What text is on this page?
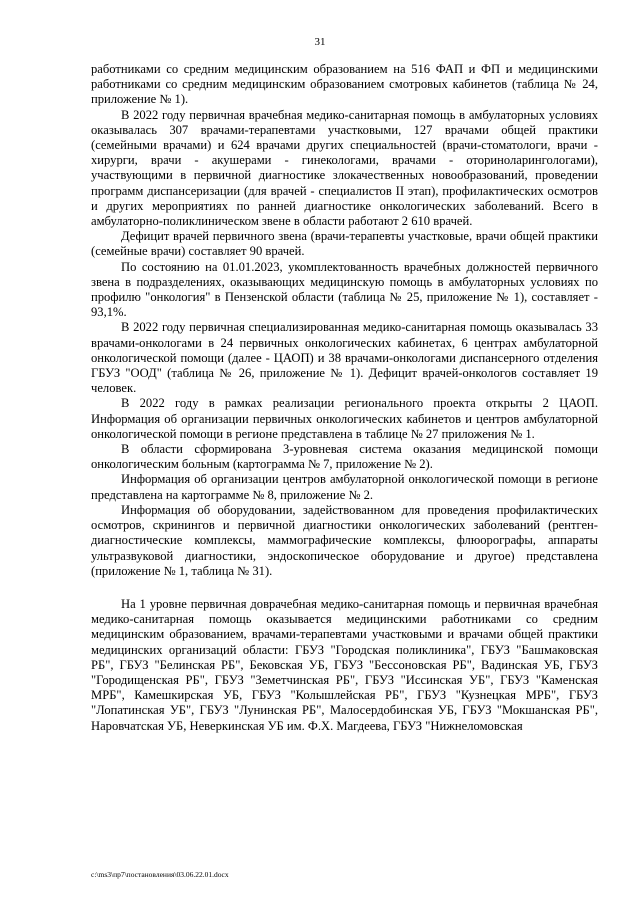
31

работниками со средним медицинским образованием на 516 ФАП и ФП и медицинскими работниками со средним медицинским образованием смотровых кабинетов (таблица № 24, приложение № 1).

В 2022 году первичная врачебная медико-санитарная помощь в амбулаторных условиях оказывалась 307 врачами-терапевтами участковыми, 127 врачами общей практики (семейными врачами) и 624 врачами других специальностей (врачи-стоматологи, врачи - хирурги, врачи - акушерами - гинекологами, врачами - оториноларингологами), участвующими в первичной диагностике злокачественных новообразований, проведении программ диспансеризации (для врачей - специалистов II этап), профилактических осмотров и других мероприятиях по ранней диагностике онкологических заболеваний. Всего в амбулаторно-поликлиническом звене в области работают 2 610 врачей.

Дефицит врачей первичного звена (врачи-терапевты участковые, врачи общей практики (семейные врачи) составляет 90 врачей.

По состоянию на 01.01.2023, укомплектованность врачебных должностей первичного звена в подразделениях, оказывающих медицинскую помощь в амбулаторных условиях по профилю "онкология" в Пензенской области (таблица № 25, приложение № 1), составляет - 93,1%.

В 2022 году первичная специализированная медико-санитарная помощь оказывалась 33 врачами-онкологами в 24 первичных онкологических кабинетах, 6 центрах амбулаторной онкологической помощи (далее - ЦАОП) и 38 врачами-онкологами диспансерного отделения ГБУЗ "ООД" (таблица № 26, приложение № 1). Дефицит врачей-онкологов составляет 19 человек.

В 2022 году в рамках реализации регионального проекта открыты 2 ЦАОП. Информация об организации первичных онкологических кабинетов и центров амбулаторной онкологической помощи в регионе представлена в таблице № 27 приложения № 1.

В области сформирована 3-уровневая система оказания медицинской помощи онкологическим больным (картограмма № 7, приложение № 2).

Информация об организации центров амбулаторной онкологической помощи в регионе представлена на картограмме № 8, приложение № 2.

Информация об оборудовании, задействованном для проведения профилактических осмотров, скринингов и первичной диагностики онкологических заболеваний (рентген-диагностические комплексы, маммографические комплексы, флюорографы, аппараты ультразвуковой диагностики, эндоскопическое оборудование и другое) представлена (приложение № 1, таблица № 31).

На 1 уровне первичная доврачебная медико-санитарная помощь и первичная врачебная медико-санитарная помощь оказывается медицинскими работниками со средним медицинским образованием, врачами-терапевтами участковыми и врачами общей практики медицинских организаций области: ГБУЗ "Городская поликлиника", ГБУЗ "Башмаковская РБ", ГБУЗ "Белинская РБ", Бековская УБ, ГБУЗ "Бессоновская РБ", Вадинская УБ, ГБУЗ "Городищенская РБ", ГБУЗ "Земетчинская РБ", ГБУЗ "Иссинская УБ", ГБУЗ "Каменская МРБ", Камешкирская УБ, ГБУЗ "Колышлейская РБ", ГБУЗ "Кузнецкая МРБ", ГБУЗ "Лопатинская УБ", ГБУЗ "Лунинская РБ", Малосердобинская УБ, ГБУЗ "Мокшанская РБ", Наровчатская УБ, Неверкинская УБ им. Ф.Х. Магдеева, ГБУЗ "Нижнеломовская

c:\ms3\пр7\постановления\03.06.22.01.docx
